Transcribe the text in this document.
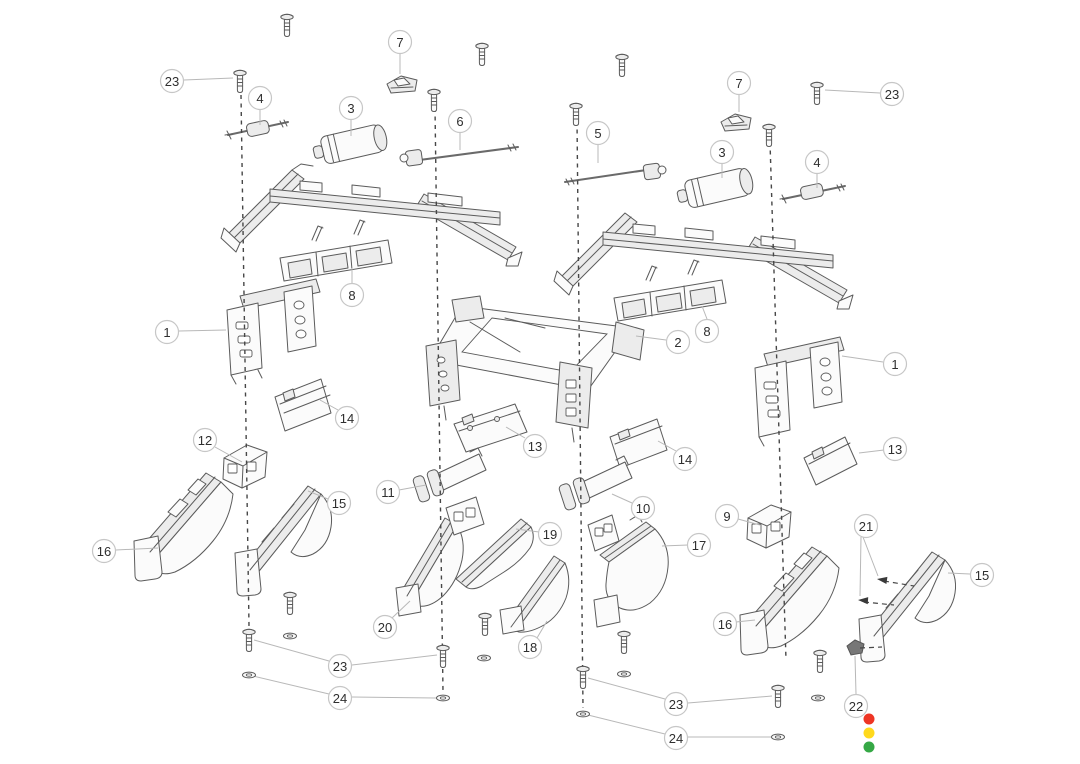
23
4
3
7
6
5
7
3
4
23
1
8
2
8
1
14
12	13
11
14
13
15	10
9
19
17
21
16
20
18
16
15
22
23
24	23
24
